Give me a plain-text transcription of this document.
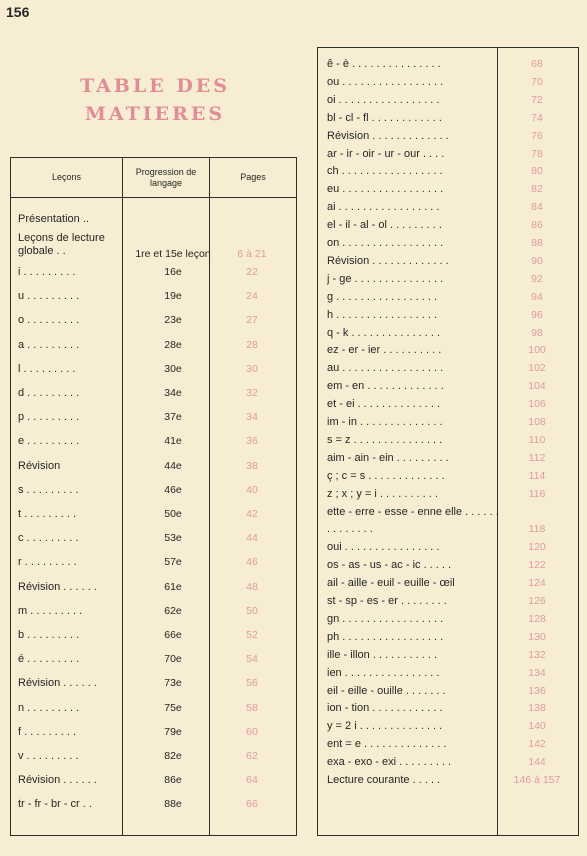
156
TABLE DES
MATIERES
Leçons
Progression de langage
Pages
Présentation ..
Leçons de lecture globale . .	1re et 15e leçon	6 à 21
i . . . . . . . . .	16e	22
u . . . . . . . . .	19e	24
o . . . . . . . . .	23e	27
a . . . . . . . . .	28e	28
l . . . . . . . . .	30e	30
d . . . . . . . . .	34e	32
p . . . . . . . . .	37e	34
e . . . . . . . . .	41e	36
Révision	44e	38
s . . . . . . . . .	46e	40
t . . . . . . . . .	50e	42
c . . . . . . . . .	53e	44
r . . . . . . . . .	57e	46
Révision . . . . . .	61e	48
m . . . . . . . . .	62e	50
b . . . . . . . . .	66e	52
é . . . . . . . . .	70e	54
Révision . . . . . .	73e	56
n . . . . . . . . .	75e	58
f . . . . . . . . .	79e	60
v . . . . . . . . .	82e	62
Révision . . . . . .	86e	64
tr - fr - br - cr . .	88e	66
ê - è . . . . . . . . . . . . . . .	68
ou . . . . . . . . . . . . . . . . .	70
oi . . . . . . . . . . . . . . . . .	72
bl - cl - fl . . . . . . . . . . . .	74
Révision . . . . . . . . . . . . .	76
ar - ir - oir - ur - our . . . .	78
ch . . . . . . . . . . . . . . . . .	80
eu . . . . . . . . . . . . . . . . .	82
ai . . . . . . . . . . . . . . . . .	84
el - il - al - ol . . . . . . . . .	86
on . . . . . . . . . . . . . . . . .	88
Révision . . . . . . . . . . . . .	90
j - ge . . . . . . . . . . . . . . .	92
g . . . . . . . . . . . . . . . . .	94
h . . . . . . . . . . . . . . . . .	96
q - k . . . . . . . . . . . . . . .	98
ez - er - ier . . . . . . . . . .	100
au . . . . . . . . . . . . . . . . .	102
em - en . . . . . . . . . . . . .	104
et - ei . . . . . . . . . . . . . .	106
im - in . . . . . . . . . . . . . .	108
s = z . . . . . . . . . . . . . . .	110
aim - ain - ein . . . . . . . . .	112
ç ; c = s . . . . . . . . . . . . .	114
z ; x ; y = i . . . . . . . . . .	116
ette - erre - esse - enne elle . . . . . . . . . . . . . .	118
oui . . . . . . . . . . . . . . . .	120
os - as - us - ac - ic . . . . .	122
ail - aille - euil - euille - œil	124
st - sp - es - er . . . . . . . .	126
gn . . . . . . . . . . . . . . . . .	128
ph . . . . . . . . . . . . . . . . .	130
ille - illon . . . . . . . . . . .	132
ien . . . . . . . . . . . . . . . .	134
eil - eille - ouille . . . . . . .	136
ion - tion . . . . . . . . . . . .	138
y = 2 i . . . . . . . . . . . . . .	140
ent = e . . . . . . . . . . . . . .	142
exa - exo - exi . . . . . . . . .	144
Lecture courante . . . . .	146 à 157
